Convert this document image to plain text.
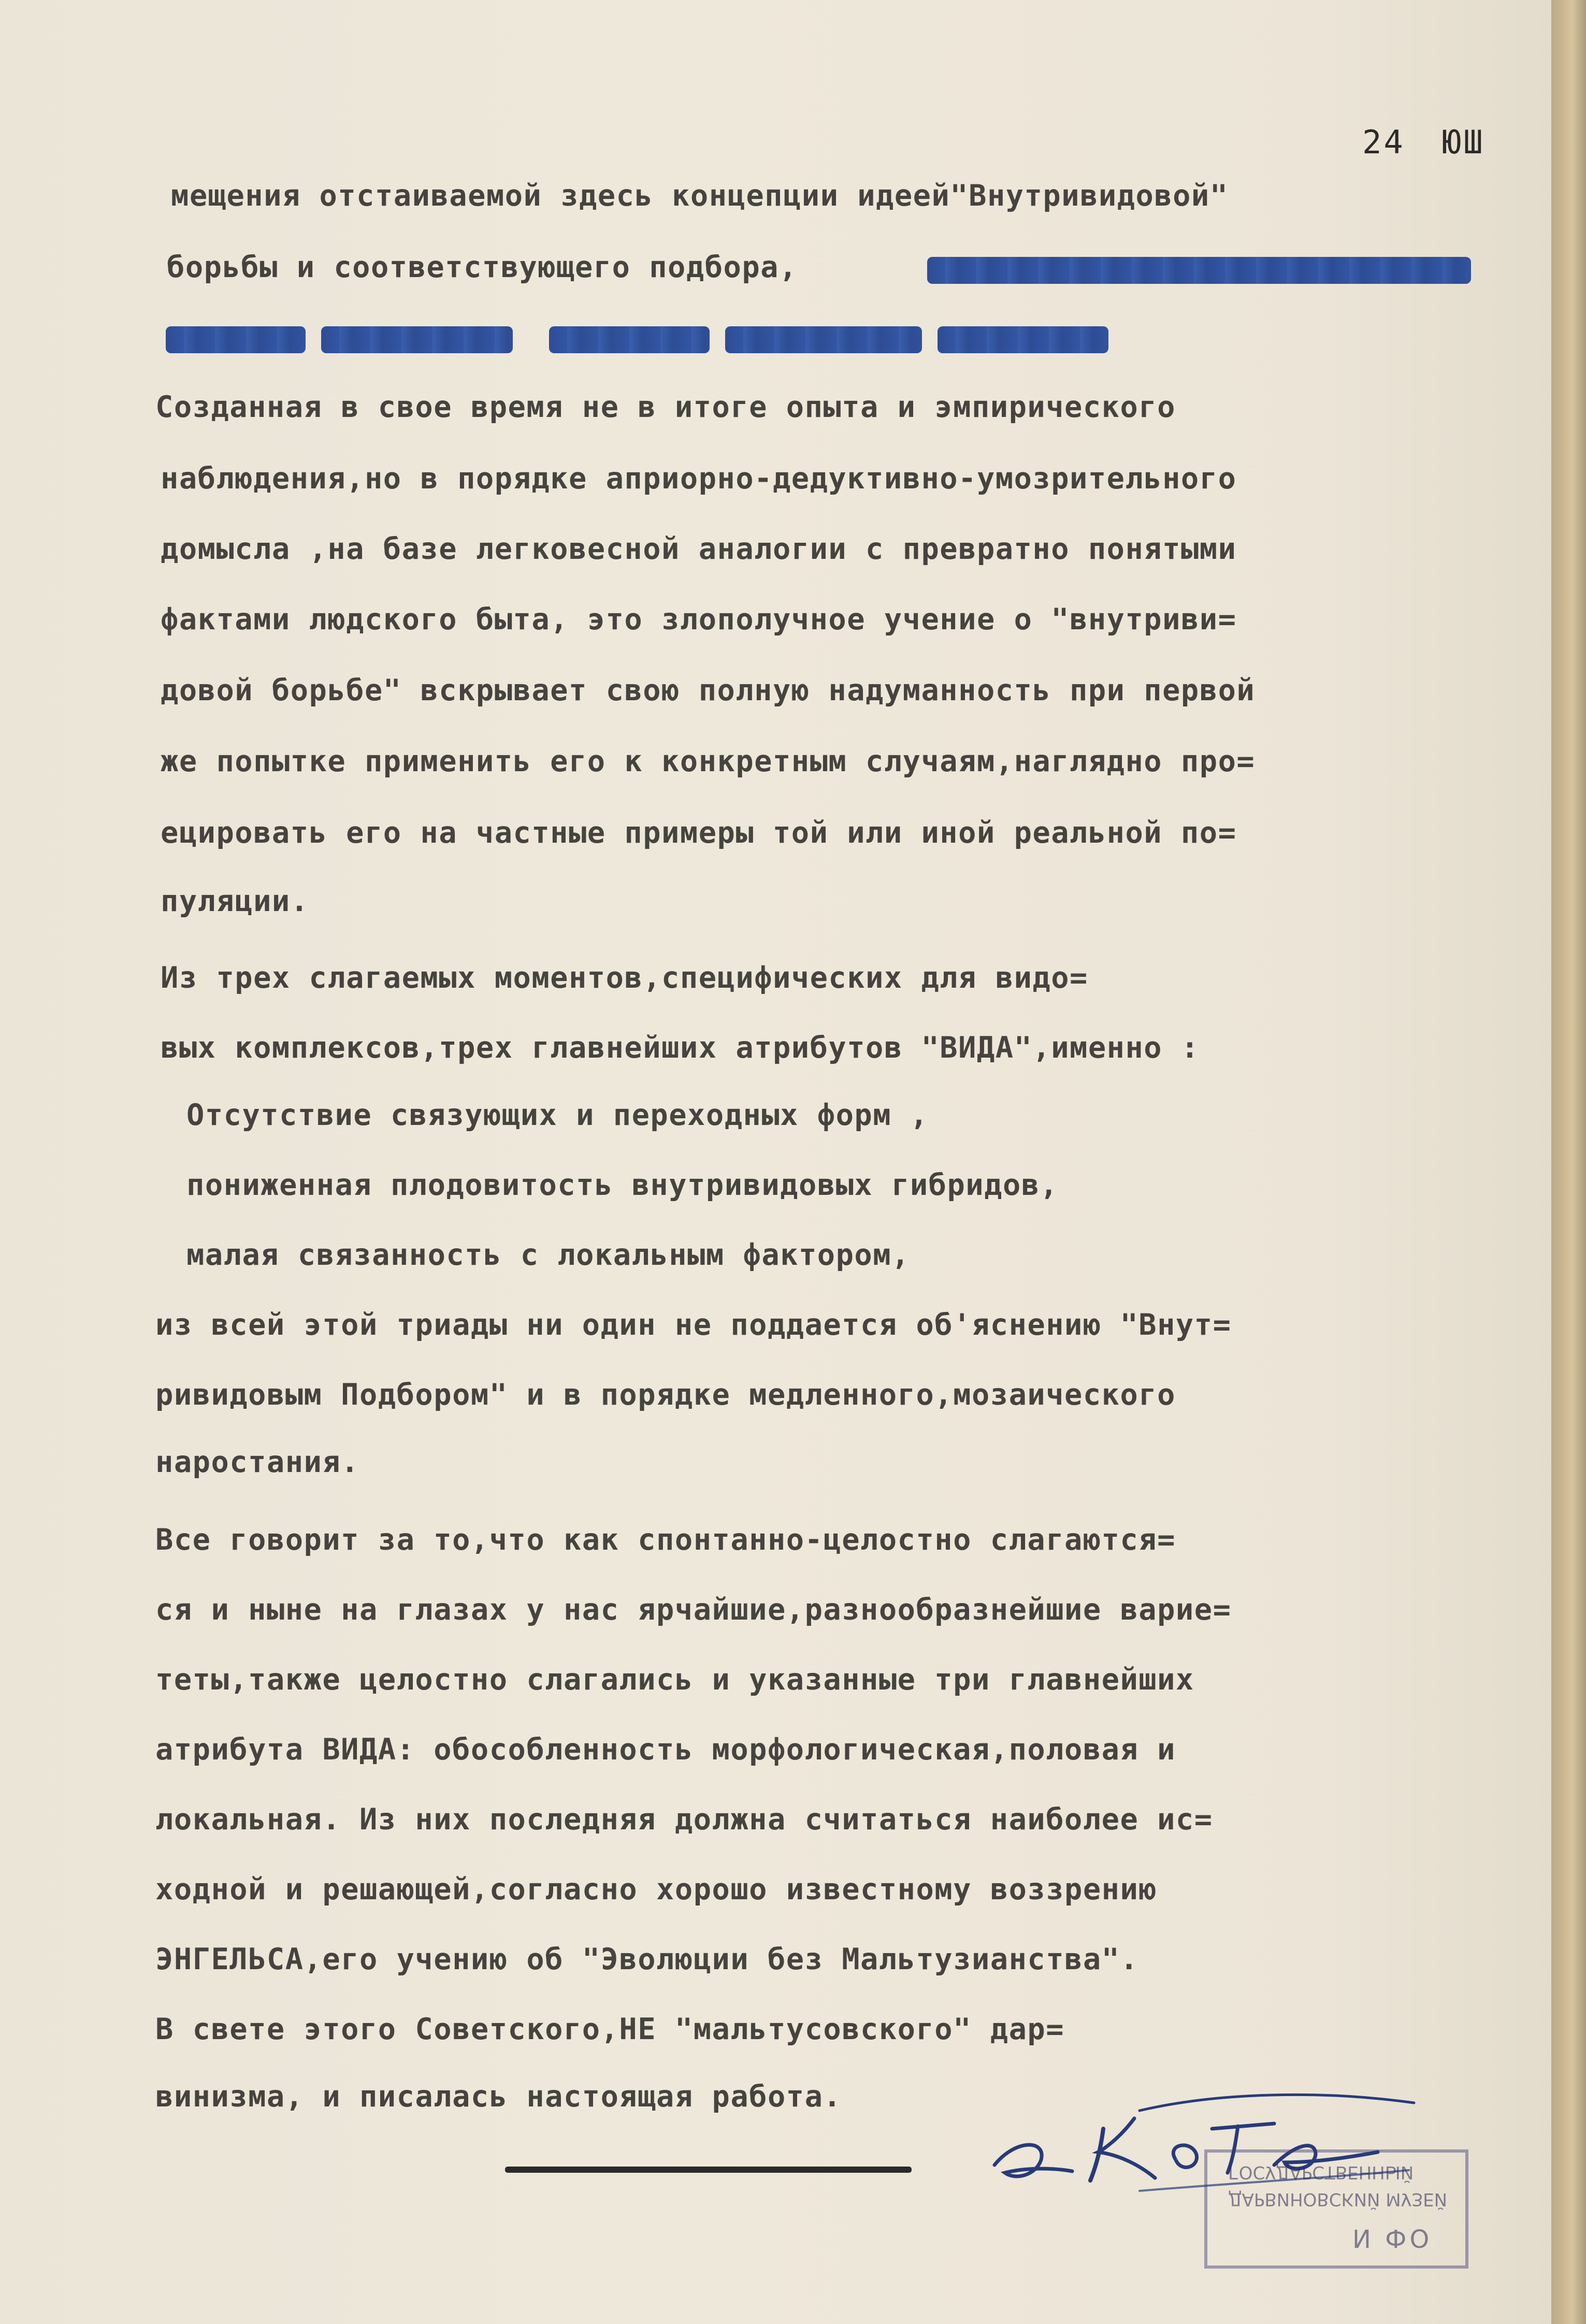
24 ЮШ
мещения отстаиваемой здесь концепции идеей"Внутривидовой"
борьбы и соответствующего подбора,
Созданная в свое время не в итоге опыта и эмпирического
наблюдения,но в порядке априорно-дедуктивно-умозрительного
домысла ,на базе легковесной аналогии с превратно понятыми
фактами людского быта, это злополучное учение о "внутриви=
довой борьбе" вскрывает свою полную надуманность при первой
же попытке применить его к конкретным случаям,наглядно про=
ецировать его на частные примеры той или иной реальной по=
пуляции.
Из трех слагаемых моментов,специфических для видо=
вых комплексов,трех главнейших атрибутов "ВИДА",именно :
Отсутствие связующих и переходных форм ,
пониженная плодовитость внутривидовых гибридов,
малая связанность с локальным фактором,
из всей этой триады ни один не поддается об'яснению "Внут=
ривидовым Подбором" и в порядке медленного,мозаического
наростания.
Все говорит за то,что как спонтанно-целостно слагаются=
ся и ныне на глазах у нас ярчайшие,разнообразнейшие варие=
теты,также целостно слагались и указанные три главнейших
атрибута ВИДА: обособленность морфологическая,половая и
локальная. Из них последняя должна считаться наиболее ис=
ходной и решающей,согласно хорошо известному воззрению
ЭНГЕЛЬСА,его учению об "Эволюции без Мальтузианства".
В свете этого Советского,НЕ "мальтусовского" дар=
винизма, и писалась настоящая работа.
ГОСУДАРСТВЕННЫЙ
ДАРВИНОВСКИЙ МУЗЕЙ
И ФО
